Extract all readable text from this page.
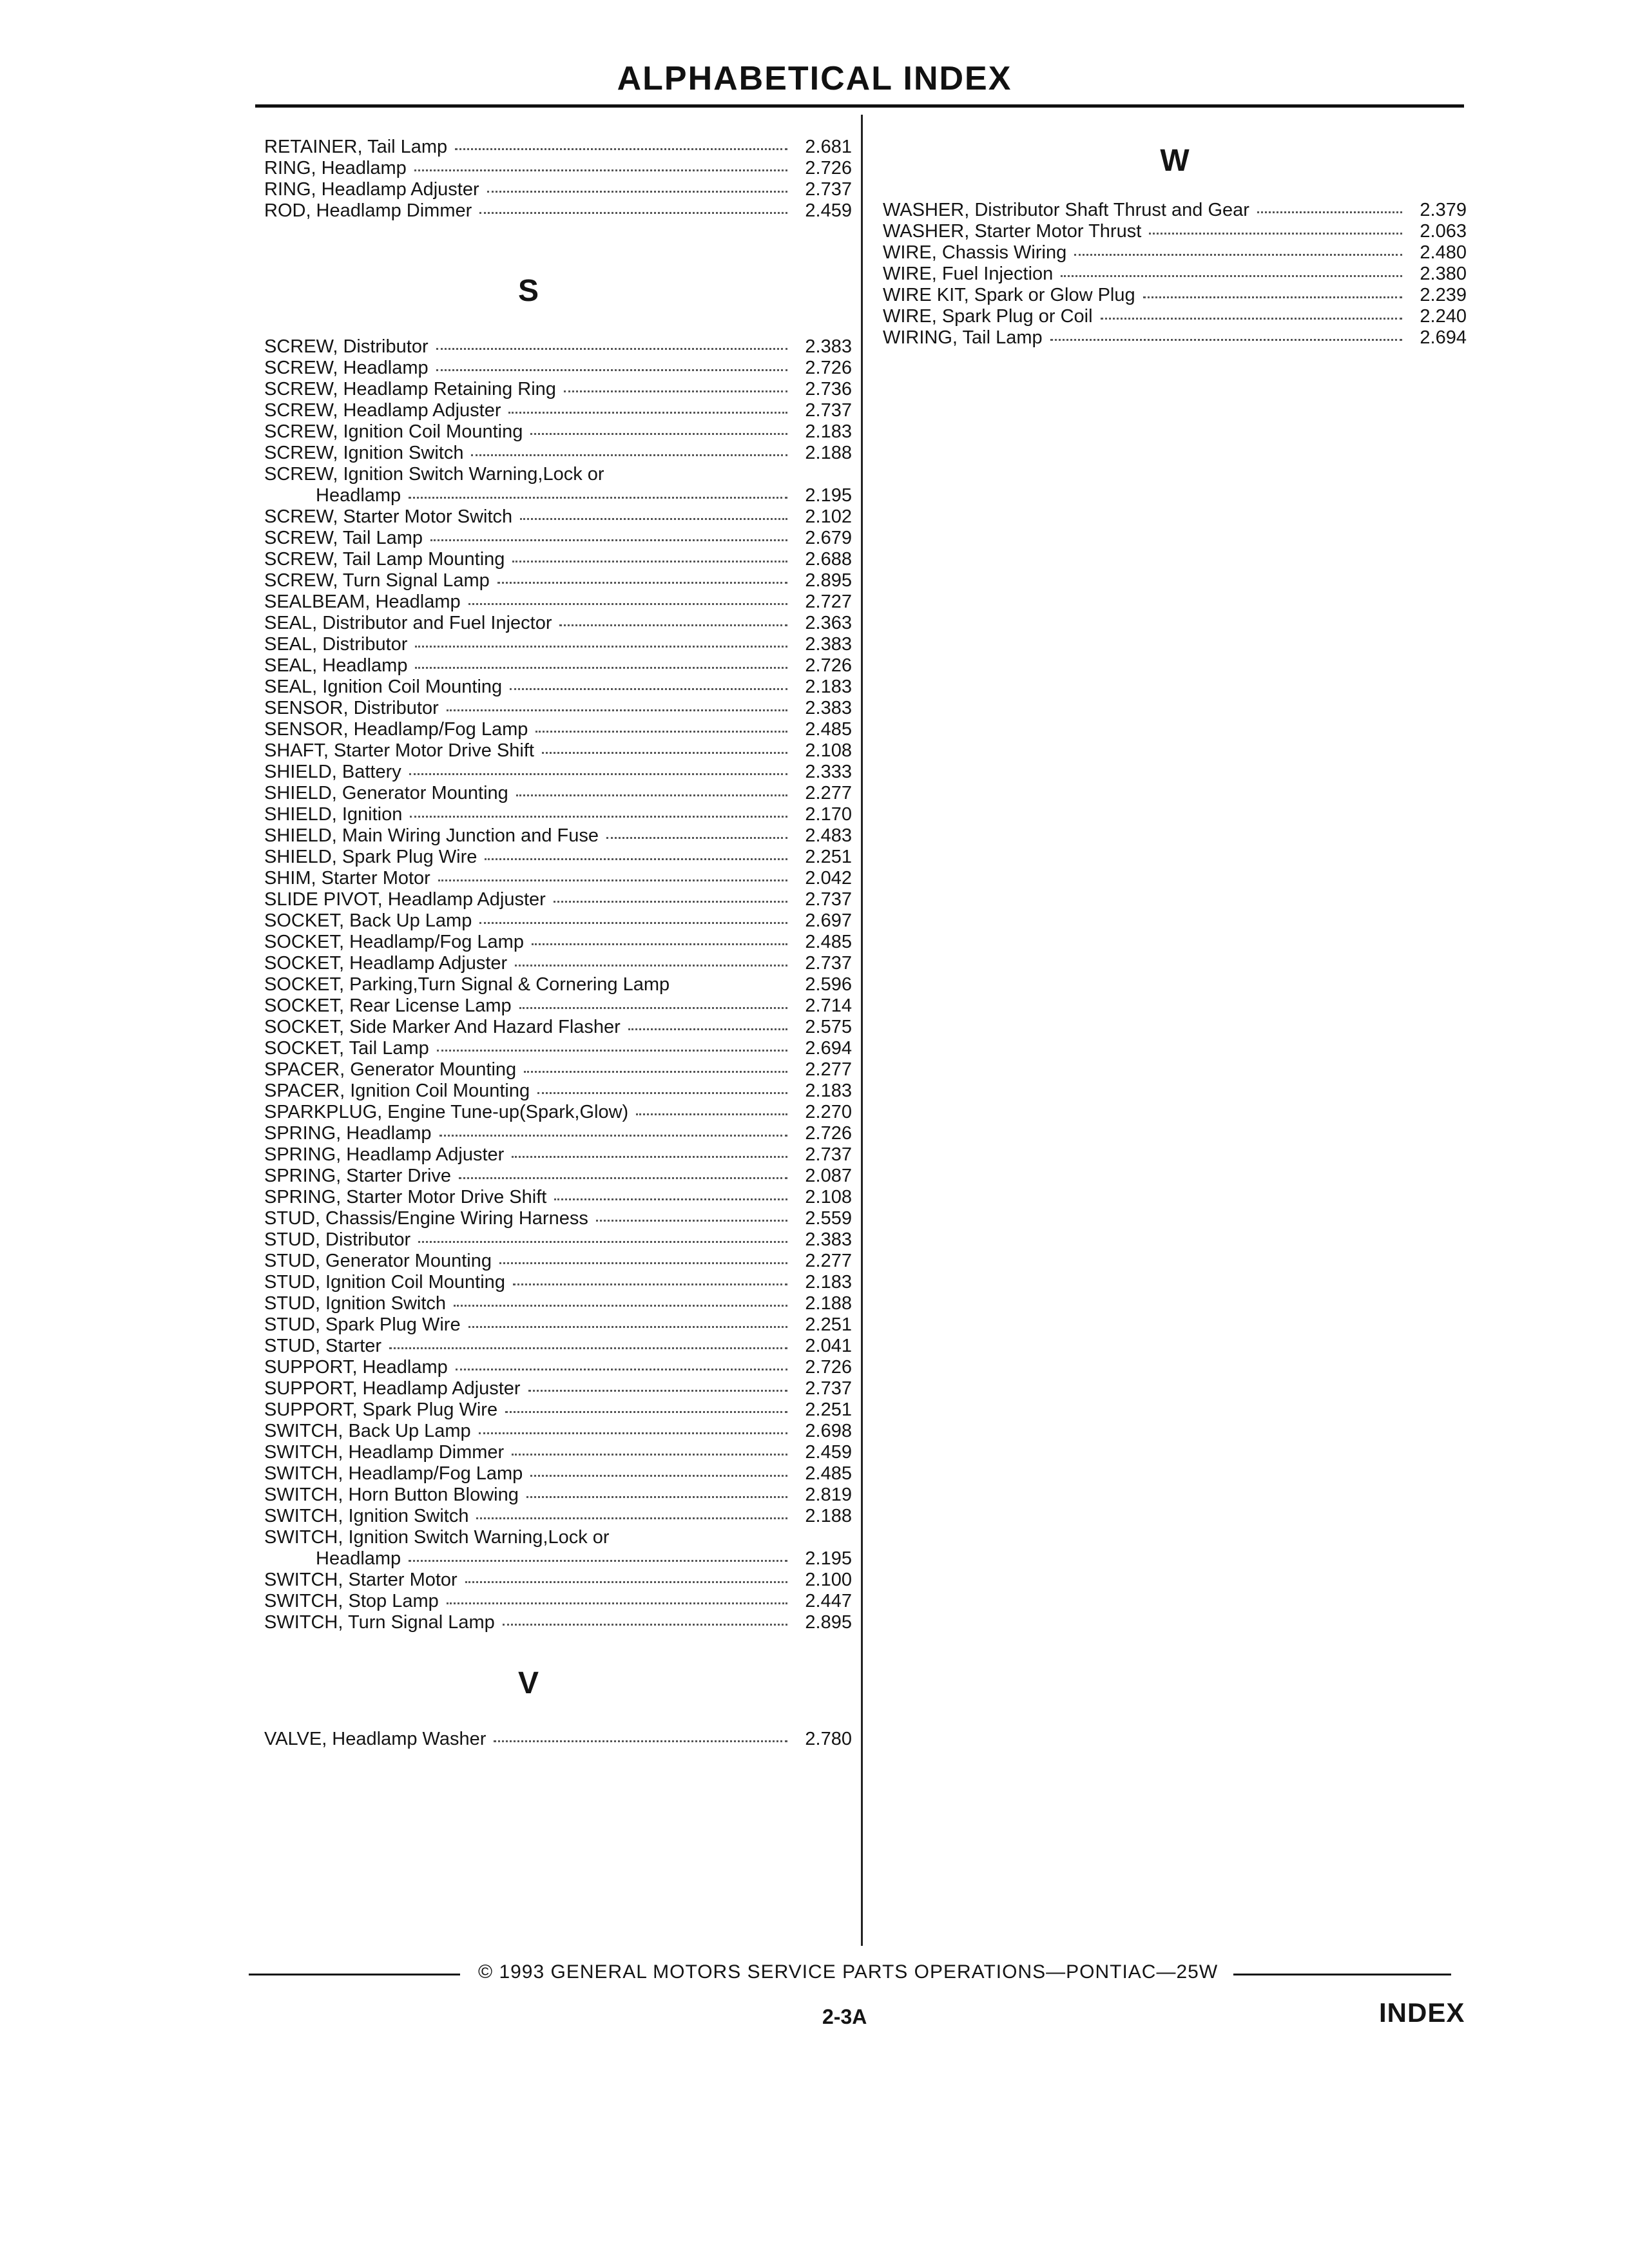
ALPHABETICAL INDEX
RETAINER, Tail Lamp	2.681
RING, Headlamp	2.726
RING, Headlamp Adjuster	2.737
ROD, Headlamp Dimmer	2.459
S
SCREW, Distributor	2.383
SCREW, Headlamp	2.726
SCREW, Headlamp Retaining Ring	2.736
SCREW, Headlamp Adjuster	2.737
SCREW, Ignition Coil Mounting	2.183
SCREW, Ignition Switch	2.188
SCREW, Ignition Switch Warning,Lock or
Headlamp	2.195
SCREW, Starter Motor Switch	2.102
SCREW, Tail Lamp	2.679
SCREW, Tail Lamp Mounting	2.688
SCREW, Turn Signal Lamp	2.895
SEALBEAM, Headlamp	2.727
SEAL, Distributor and Fuel Injector	2.363
SEAL, Distributor	2.383
SEAL, Headlamp	2.726
SEAL, Ignition Coil Mounting	2.183
SENSOR, Distributor	2.383
SENSOR, Headlamp/Fog Lamp	2.485
SHAFT, Starter Motor Drive Shift	2.108
SHIELD, Battery	2.333
SHIELD, Generator Mounting	2.277
SHIELD, Ignition	2.170
SHIELD, Main Wiring Junction and Fuse	2.483
SHIELD, Spark Plug Wire	2.251
SHIM, Starter Motor	2.042
SLIDE PIVOT, Headlamp Adjuster	2.737
SOCKET, Back Up Lamp	2.697
SOCKET, Headlamp/Fog Lamp	2.485
SOCKET, Headlamp Adjuster	2.737
SOCKET, Parking,Turn Signal & Cornering Lamp	2.596
SOCKET, Rear License Lamp	2.714
SOCKET, Side Marker And Hazard Flasher	2.575
SOCKET, Tail Lamp	2.694
SPACER, Generator Mounting	2.277
SPACER, Ignition Coil Mounting	2.183
SPARKPLUG, Engine Tune-up(Spark,Glow)	2.270
SPRING, Headlamp	2.726
SPRING, Headlamp Adjuster	2.737
SPRING, Starter Drive	2.087
SPRING, Starter Motor Drive Shift	2.108
STUD, Chassis/Engine Wiring Harness	2.559
STUD, Distributor	2.383
STUD, Generator Mounting	2.277
STUD, Ignition Coil Mounting	2.183
STUD, Ignition Switch	2.188
STUD, Spark Plug Wire	2.251
STUD, Starter	2.041
SUPPORT, Headlamp	2.726
SUPPORT, Headlamp Adjuster	2.737
SUPPORT, Spark Plug Wire	2.251
SWITCH, Back Up Lamp	2.698
SWITCH, Headlamp Dimmer	2.459
SWITCH, Headlamp/Fog Lamp	2.485
SWITCH, Horn Button Blowing	2.819
SWITCH, Ignition Switch	2.188
SWITCH, Ignition Switch Warning,Lock or
Headlamp	2.195
SWITCH, Starter Motor	2.100
SWITCH, Stop Lamp	2.447
SWITCH, Turn Signal Lamp	2.895
V
VALVE, Headlamp Washer	2.780
W
WASHER, Distributor Shaft Thrust and Gear	2.379
WASHER, Starter Motor Thrust	2.063
WIRE, Chassis Wiring	2.480
WIRE, Fuel Injection	2.380
WIRE KIT, Spark or Glow Plug	2.239
WIRE, Spark Plug or Coil	2.240
WIRING, Tail Lamp	2.694
© 1993 GENERAL MOTORS SERVICE PARTS OPERATIONS—PONTIAC—25W
2-3A	INDEX
